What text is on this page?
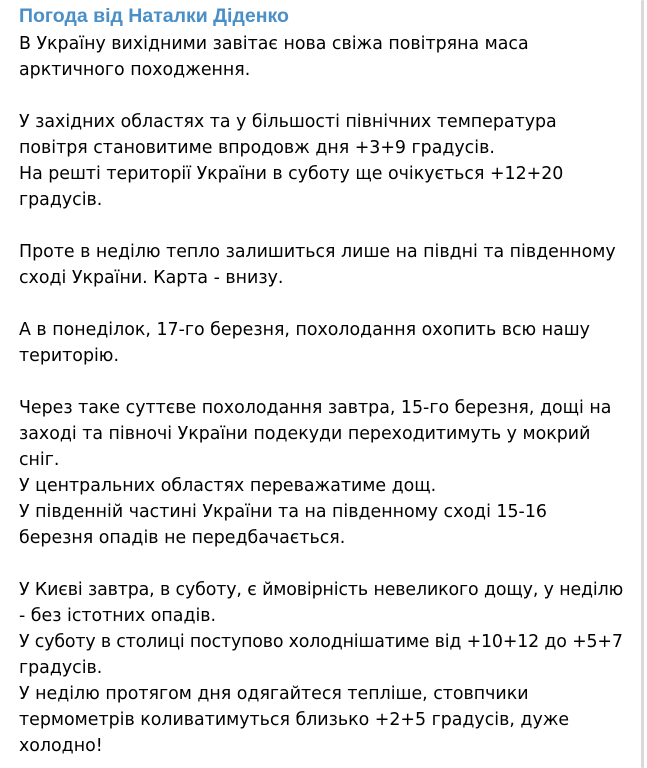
Погода від Наталки Діденко
В Україну вихідними завітає нова свіжа повітряна маса
арктичного походження.
У західних областях та у більшості північних температура
повітря становитиме впродовж дня +3+9 градусів.
На решті території України в суботу ще очікується +12+20
градусів.
Проте в неділю тепло залишиться лише на півдні та південному
сході України. Карта - внизу.
А в понеділок, 17-го березня, похолодання охопить всю нашу
територію.
Через таке суттєве похолодання завтра, 15-го березня, дощі на
заході та півночі України подекуди переходитимуть у мокрий
сніг.
У центральних областях переважатиме дощ.
У південній частині України та на південному сході 15-16
березня опадів не передбачається.
У Києві завтра, в суботу, є ймовірність невеликого дощу, у неділю
- без істотних опадів.
У суботу в столиці поступово холоднішатиме від +10+12 до +5+7
градусів.
У неділю протягом дня одягайтеся тепліше, стовпчики
термометрів коливатимуться близько +2+5 градусів, дуже
холодно!
